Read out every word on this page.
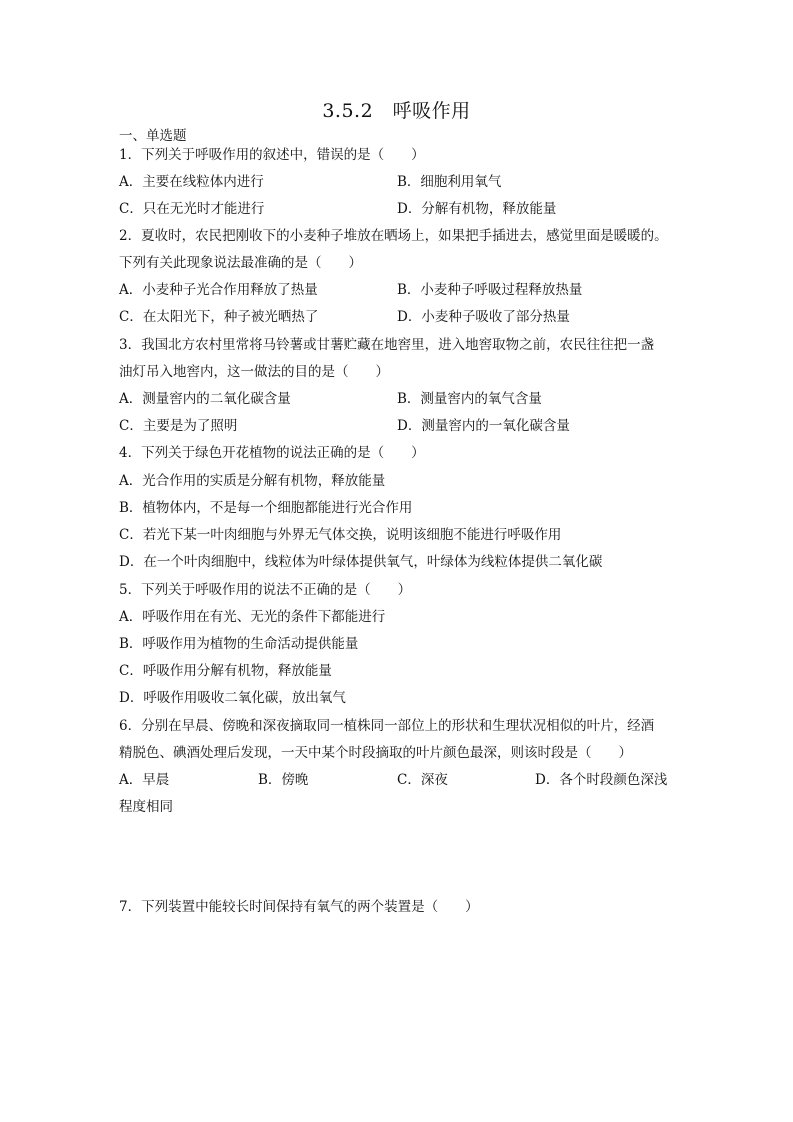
3.5.2　呼吸作用
一、单选题
1．下列关于呼吸作用的叙述中，错误的是（　　）
A．主要在线粒体内进行	B．细胞利用氧气
C．只在无光时才能进行	D．分解有机物，释放能量
2．夏收时，农民把刚收下的小麦种子堆放在晒场上，如果把手插进去，感觉里面是暖暖的。
下列有关此现象说法最准确的是（　　）
A．小麦种子光合作用释放了热量	B．小麦种子呼吸过程释放热量
C．在太阳光下，种子被光晒热了	D．小麦种子吸收了部分热量
3．我国北方农村里常将马铃薯或甘薯贮藏在地窖里，进入地窖取物之前，农民往往把一盏
油灯吊入地窖内，这一做法的目的是（　　）
A．测量窖内的二氧化碳含量	B．测量窖内的氧气含量
C．主要是为了照明	D．测量窖内的一氧化碳含量
4．下列关于绿色开花植物的说法正确的是（　　）
A．光合作用的实质是分解有机物，释放能量
B．植物体内，不是每一个细胞都能进行光合作用
C．若光下某一叶肉细胞与外界无气体交换，说明该细胞不能进行呼吸作用
D．在一个叶肉细胞中，线粒体为叶绿体提供氧气，叶绿体为线粒体提供二氧化碳
5．下列关于呼吸作用的说法不正确的是（　　）
A．呼吸作用在有光、无光的条件下都能进行
B．呼吸作用为植物的生命活动提供能量
C．呼吸作用分解有机物，释放能量
D．呼吸作用吸收二氧化碳，放出氧气
6．分别在早晨、傍晚和深夜摘取同一植株同一部位上的形状和生理状况相似的叶片，经酒
精脱色、碘酒处理后发现，一天中某个时段摘取的叶片颜色最深，则该时段是（　　）
A．早晨	B．傍晚	C．深夜	D．各个时段颜色深浅
程度相同
7．下列装置中能较长时间保持有氧气的两个装置是（　　）
